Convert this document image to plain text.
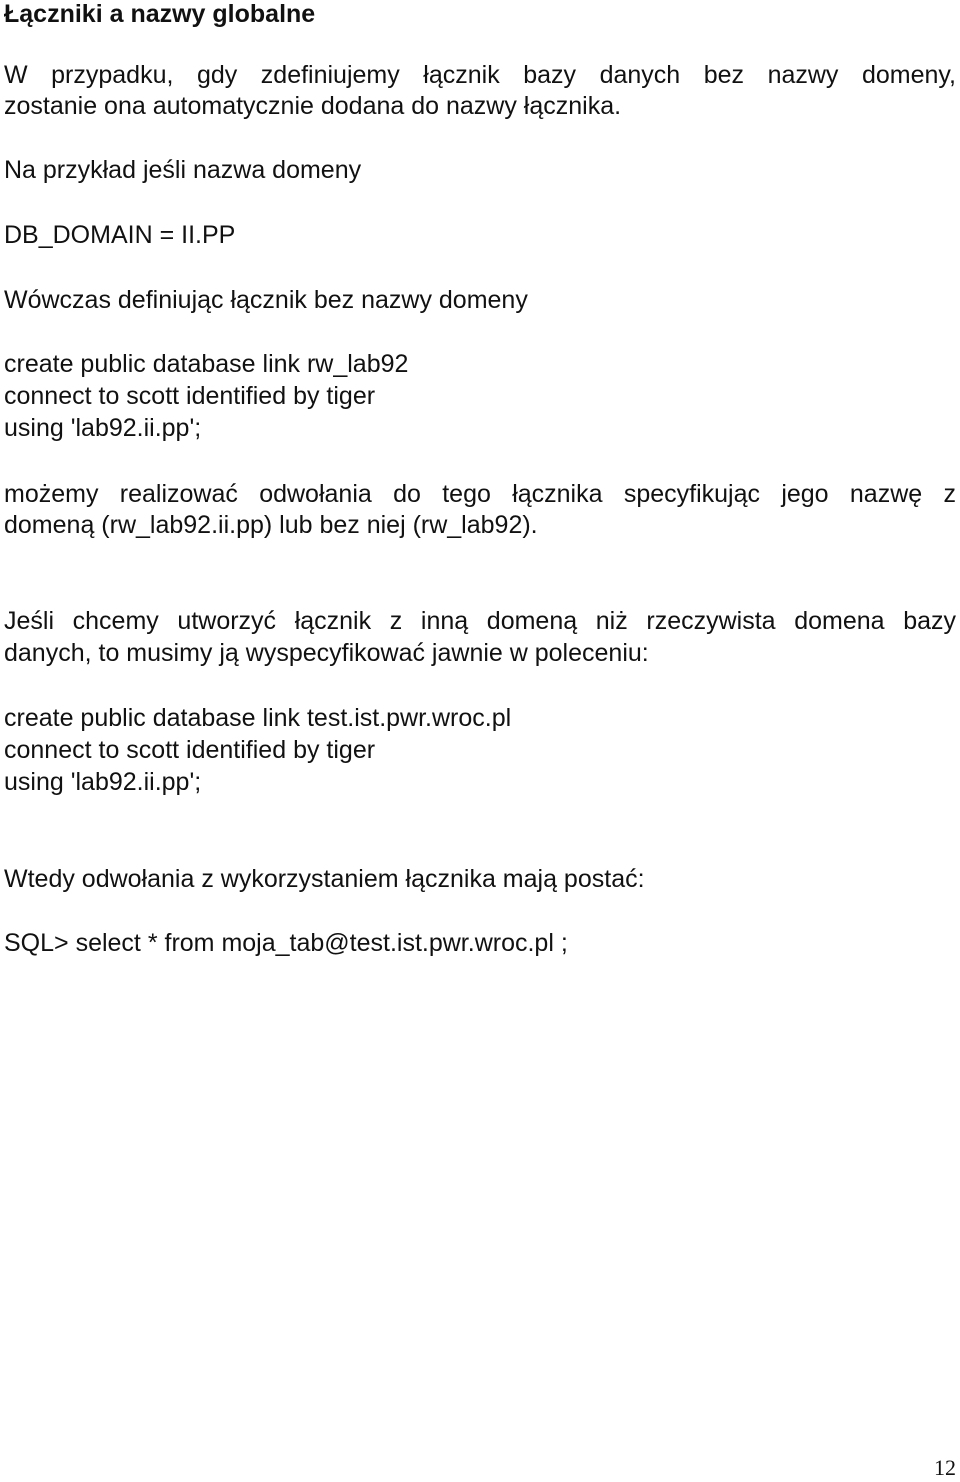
Łączniki a nazwy globalne

W przypadku, gdy zdefiniujemy łącznik bazy danych bez nazwy domeny,

zostanie ona automatycznie dodana do nazwy łącznika.

Na przykład jeśli nazwa domeny

DB_DOMAIN = II.PP

Wówczas definiując łącznik bez nazwy domeny

create public database link rw_lab92

connect to scott identified by tiger

using 'lab92.ii.pp';

możemy realizować odwołania do tego łącznika specyfikując jego nazwę z

domeną (rw_lab92.ii.pp) lub bez niej (rw_lab92).

Jeśli chcemy utworzyć łącznik z inną domeną niż rzeczywista domena bazy

danych, to musimy ją wyspecyfikować jawnie w poleceniu:

create public database link test.ist.pwr.wroc.pl

connect to scott identified by tiger

using 'lab92.ii.pp';

Wtedy odwołania z wykorzystaniem łącznika mają postać:

SQL> select * from moja_tab@test.ist.pwr.wroc.pl ;

12
